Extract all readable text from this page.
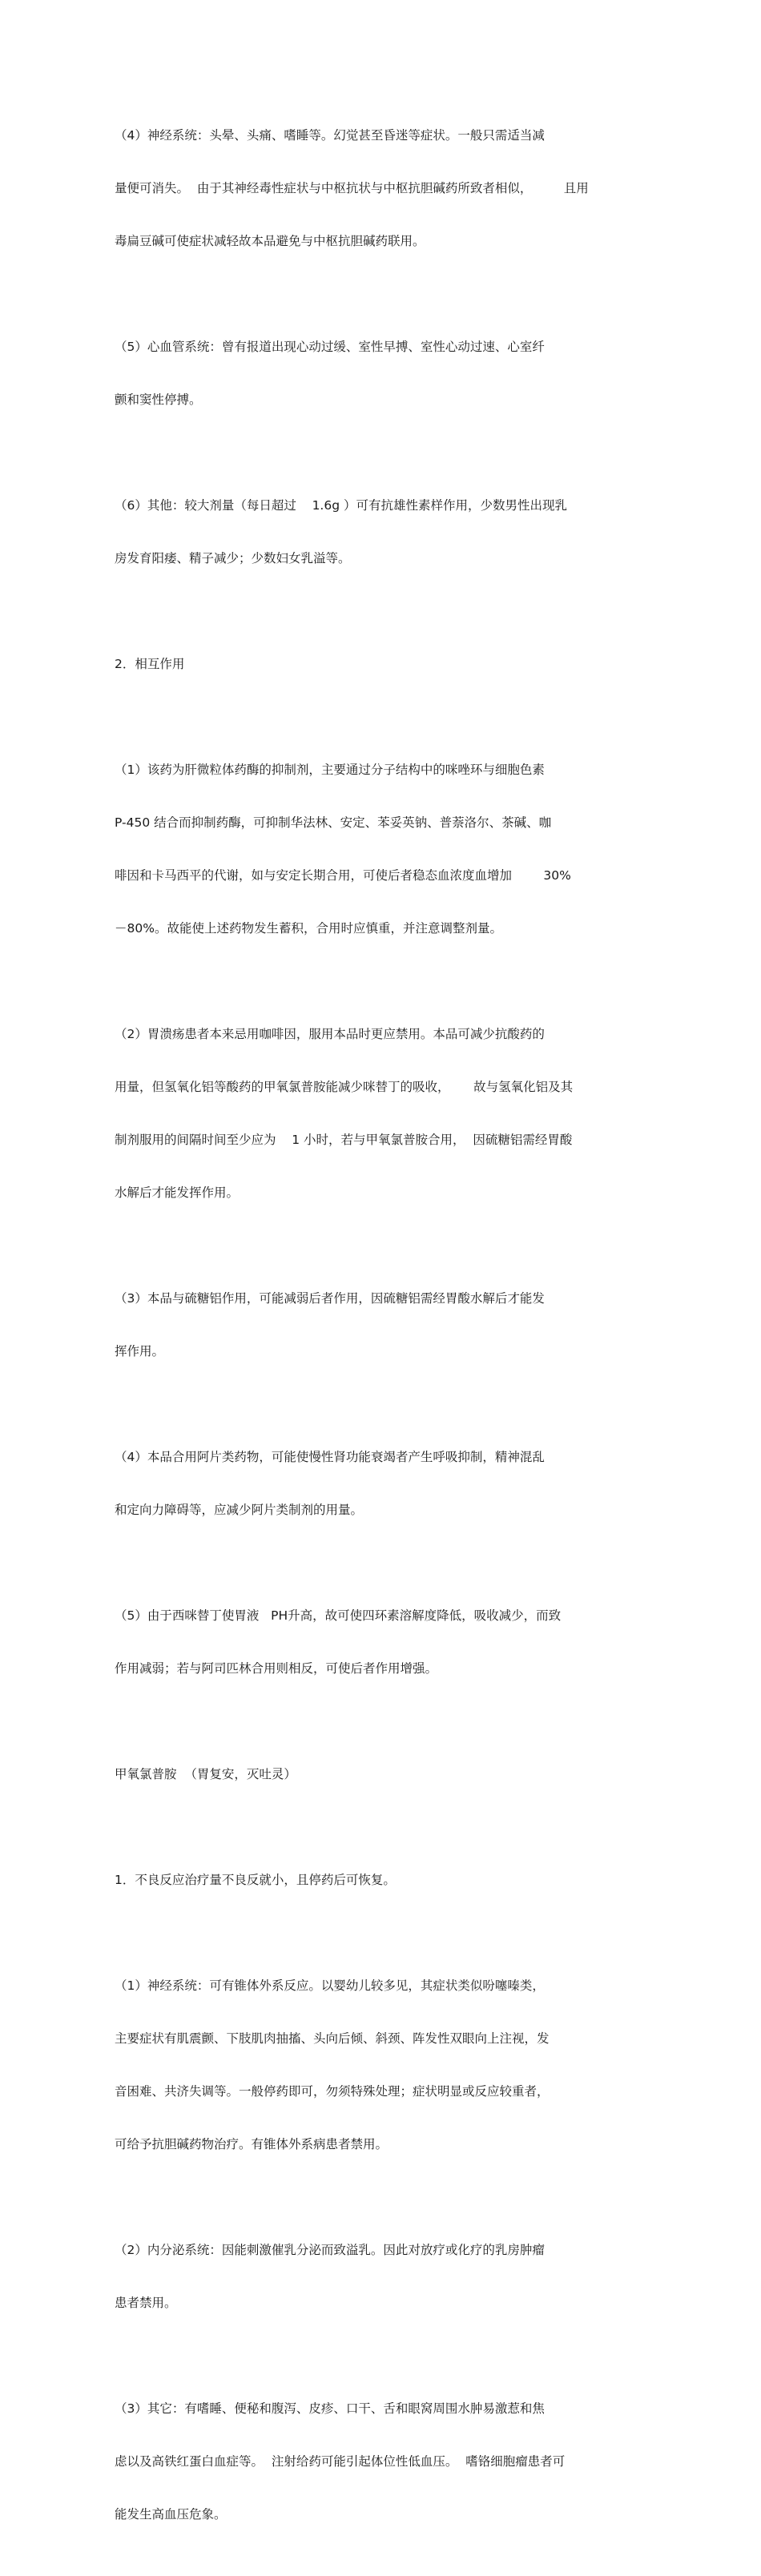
（4）神经系统：头晕、头痛、嗜睡等。幻觉甚至昏迷等症状。一般只需适当减

量便可消失。  由于其神经毒性症状与中枢抗状与中枢抗胆碱药所致者相似，        且用

毒扁豆碱可使症状减轻故本品避免与中枢抗胆碱药联用。

（5）心血管系统：曾有报道出现心动过缓、室性早搏、室性心动过速、心室纤

颤和窦性停搏。

（6）其他：较大剂量（每日超过    1.6g ）可有抗雄性素样作用，少数男性出现乳

房发育阳痿、精子减少；少数妇女乳溢等。

2．相互作用

（1）该药为肝微粒体药酶的抑制剂，主要通过分子结构中的咪唑环与细胞色素

P-450 结合而抑制药酶，可抑制华法林、安定、苯妥英钠、普萘洛尔、茶碱、咖

啡因和卡马西平的代谢，如与安定长期合用，可使后者稳态血浓度血增加        30%

－80%。故能使上述药物发生蓄积，合用时应慎重，并注意调整剂量。

（2）胃溃疡患者本来忌用咖啡因，服用本品时更应禁用。本品可减少抗酸药的

用量，但氢氧化铝等酸药的甲氧氯普胺能减少咪替丁的吸收，      故与氢氧化铝及其

制剂服用的间隔时间至少应为    1 小时，若与甲氧氯普胺合用，  因硫糖铝需经胃酸

水解后才能发挥作用。

（3）本品与硫糖铝作用，可能减弱后者作用，因硫糖铝需经胃酸水解后才能发

挥作用。

（4）本品合用阿片类药物，可能使慢性肾功能衰竭者产生呼吸抑制，精神混乱

和定向力障碍等，应减少阿片类制剂的用量。

（5）由于西咪替丁使胃液   PH升高，故可使四环素溶解度降低，吸收减少，而致

作用减弱；若与阿司匹林合用则相反，可使后者作用增强。

甲氧氯普胺  （胃复安，灭吐灵）

1．不良反应治疗量不良反就小，且停药后可恢复。

（1）神经系统：可有锥体外系反应。以婴幼儿较多见，其症状类似吩噻嗪类，

主要症状有肌震颤、下肢肌肉抽搐、头向后倾、斜颈、阵发性双眼向上注视，发

音困难、共济失调等。一般停药即可，勿须特殊处理；症状明显或反应较重者，

可给予抗胆碱药物治疗。有锥体外系病患者禁用。

（2）内分泌系统：因能刺激催乳分泌而致溢乳。因此对放疗或化疗的乳房肿瘤

患者禁用。

（3）其它：有嗜睡、便秘和腹泻、皮疹、口干、舌和眼窝周围水肿易激惹和焦

虑以及高铁红蛋白血症等。  注射给药可能引起体位性低血压。  嗜铬细胞瘤患者可

能发生高血压危象。
